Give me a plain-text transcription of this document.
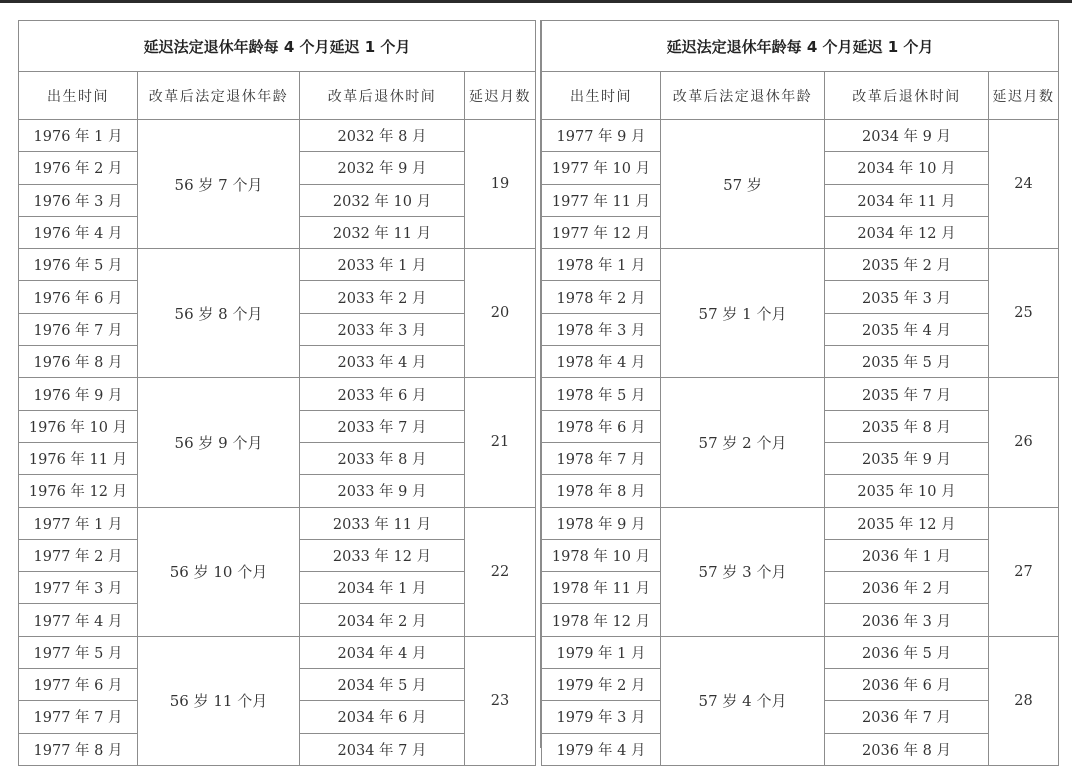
延迟法定退休年龄每 4 个月延迟 1 个月			
出生时间	改革后法定退休年龄	改革后退休时间	延迟月数
1976 年 1 月	56 岁 7 个月	2032 年 8 月	19
1976 年 2 月		2032 年 9 月	
1976 年 3 月		2032 年 10 月	
1976 年 4 月		2032 年 11 月	
1976 年 5 月	56 岁 8 个月	2033 年 1 月	20
1976 年 6 月		2033 年 2 月	
1976 年 7 月		2033 年 3 月	
1976 年 8 月		2033 年 4 月	
1976 年 9 月	56 岁 9 个月	2033 年 6 月	21
1976 年 10 月		2033 年 7 月	
1976 年 11 月		2033 年 8 月	
1976 年 12 月		2033 年 9 月	
1977 年 1 月	56 岁 10 个月	2033 年 11 月	22
1977 年 2 月		2033 年 12 月	
1977 年 3 月		2034 年 1 月	
1977 年 4 月		2034 年 2 月	
1977 年 5 月	56 岁 11 个月	2034 年 4 月	23
1977 年 6 月		2034 年 5 月	
1977 年 7 月		2034 年 6 月	
1977 年 8 月		2034 年 7 月	
延迟法定退休年龄每 4 个月延迟 1 个月			
出生时间	改革后法定退休年龄	改革后退休时间	延迟月数
1977 年 9 月	57 岁	2034 年 9 月	24
1977 年 10 月		2034 年 10 月	
1977 年 11 月		2034 年 11 月	
1977 年 12 月		2034 年 12 月	
1978 年 1 月	57 岁 1 个月	2035 年 2 月	25
1978 年 2 月		2035 年 3 月	
1978 年 3 月		2035 年 4 月	
1978 年 4 月		2035 年 5 月	
1978 年 5 月	57 岁 2 个月	2035 年 7 月	26
1978 年 6 月		2035 年 8 月	
1978 年 7 月		2035 年 9 月	
1978 年 8 月		2035 年 10 月	
1978 年 9 月	57 岁 3 个月	2035 年 12 月	27
1978 年 10 月		2036 年 1 月	
1978 年 11 月		2036 年 2 月	
1978 年 12 月		2036 年 3 月	
1979 年 1 月	57 岁 4 个月	2036 年 5 月	28
1979 年 2 月		2036 年 6 月	
1979 年 3 月		2036 年 7 月	
1979 年 4 月		2036 年 8 月	
